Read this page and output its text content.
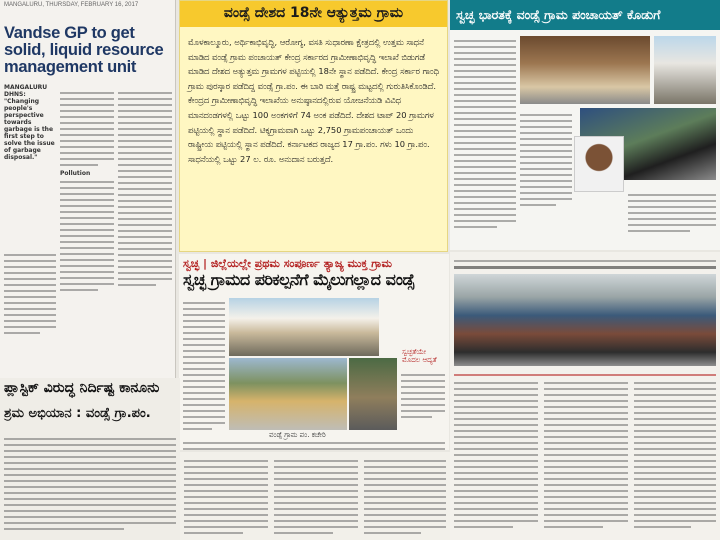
MANGALURU, THURSDAY, FEBRUARY 16, 2017
Vandse GP to get solid, liquid resource management unit
MANGALURU DHNS: "Changing people's perspective towards garbage is the first step to solve the issue of garbage disposal."
Pollution
ವಂಡ್ಸೆ ದೇಶದ 18ನೇ ಆತ್ಯುತ್ತಮ ಗ್ರಾಮ
ಮೊಳಕಾಲ್ಮೂರು, ಅರ್ಥಿಕಾಭಿವೃದ್ಧಿ, ಆರೋಗ್ಯ, ವಸತಿ ಸುಧಾರಣಾ ಕ್ಷೇತ್ರದಲ್ಲಿ ಉತ್ತಮ ಸಾಧನೆ ಮಾಡಿದ ವಂಡ್ಸೆ ಗ್ರಾಮ ಪಂಚಾಯತ್ ಕೇಂದ್ರ ಸರ್ಕಾರದ ಗ್ರಾಮೀಣಾಭಿವೃದ್ಧಿ ಇಲಾಖೆ ಬಿಡುಗಡೆ ಮಾಡಿದ ದೇಶದ ಅತ್ಯುತ್ತಮ ಗ್ರಾಮಗಳ ಪಟ್ಟಿಯಲ್ಲಿ 18ನೇ ಸ್ಥಾನ ಪಡೆದಿದೆ. ಕೇಂದ್ರ ಸರ್ಕಾರ ಗಾಂಧಿ ಗ್ರಾಮ ಪುರಸ್ಕಾರ ಪಡೆದಿದ್ದ ವಂಡ್ಸೆ ಗ್ರಾ.ಪಂ. ಈ ಬಾರಿ ಮತ್ತೆ ರಾಷ್ಟ್ರ ಮಟ್ಟದಲ್ಲಿ ಗುರುತಿಸಿಕೊಂಡಿದೆ. ಕೇಂದ್ರದ ಗ್ರಾಮೀಣಾಭಿವೃದ್ಧಿ ಇಲಾಖೆಯ ಅನುಷ್ಠಾನದಲ್ಲಿರುವ ಯೋಜನೆಯಡಿ ವಿವಿಧ ಮಾನದಂಡಗಳಲ್ಲಿ ಒಟ್ಟು 100 ಅಂಕಗಳಿಗೆ 74 ಅಂಕ ಪಡೆದಿದೆ. ದೇಶದ ಟಾಪ್ 20 ಗ್ರಾಮಗಳ ಪಟ್ಟಿಯಲ್ಲಿ ಸ್ಥಾನ ಪಡೆದಿದೆ. ಟಿಕ್ಕಗ್ರಾಮವಾಗಿ ಒಟ್ಟು 2,750 ಗ್ರಾಮಪಂಚಾಯತ್ ಒಂದು ರಾಷ್ಟ್ರೀಯ ಪಟ್ಟಿಯಲ್ಲಿ ಸ್ಥಾನ ಪಡೆದಿದೆ. ಕರ್ನಾಟಕದ ರಾಜ್ಯದ 17 ಗ್ರಾ.ಪಂ. ಗಳು 10 ಗ್ರಾ.ಪಂ. ಸಾಧನೆಯಲ್ಲಿ ಒಟ್ಟು 27 ಲ. ರೂ. ಅನುದಾನ ಬರುತ್ತದೆ.
ಸ್ವಚ್ಛ ಭಾರತಕ್ಕೆ ವಂಡ್ಸೆ ಗ್ರಾಮ ಪಂಚಾಯತ್ ಕೊಡುಗೆ
ಸ್ವಚ್ಛ | ಜಿಲ್ಲೆಯಲ್ಲೇ ಪ್ರಥಮ ಸಂಪೂರ್ಣ ತ್ಯಾಜ್ಯ ಮುಕ್ತ ಗ್ರಾಮ
ಸ್ವಚ್ಛ ಗ್ರಾಮದ ಪರಿಕಲ್ಪನೆಗೆ ಮೈಲುಗಲ್ಲಾದ ವಂಡ್ಸೆ
ವಂಡ್ಸೆ ಗ್ರಾಮ ಪಂ. ಕಚೇರಿ
ಸ್ವಚ್ಛತೆಯೇ ಮೊದಲ ಆದ್ಯತೆ
ಪ್ಲಾಸ್ಟಿಕ್ ವಿರುದ್ಧ ನಿರ್ದಿಷ್ಟ ಕಾನೂನು
ಶ್ರಮ ಅಭಿಯಾನ : ವಂಡ್ಸೆ ಗ್ರಾ.ಪಂ.
